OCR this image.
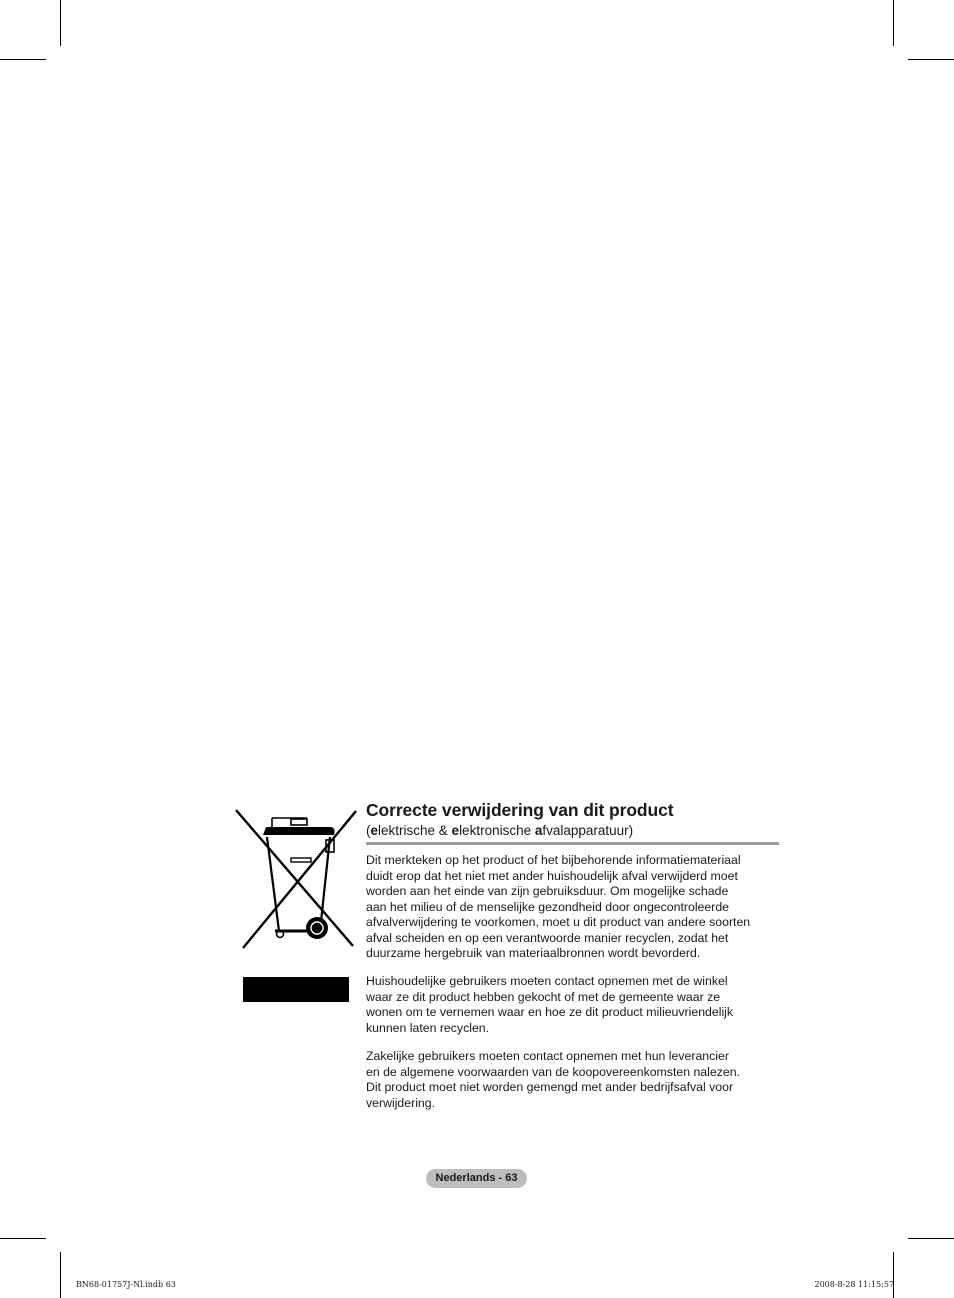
Correcte verwijdering van dit product

(elektrische & elektronische afvalapparatuur)

Dit merkteken op het product of het bijbehorende informatiemateriaal
duidt erop dat het niet met ander huishoudelijk afval verwijderd moet
worden aan het einde van zijn gebruiksduur. Om mogelijke schade
aan het milieu of de menselijke gezondheid door ongecontroleerde
afvalverwijdering te voorkomen, moet u dit product van andere soorten
afval scheiden en op een verantwoorde manier recyclen, zodat het
duurzame hergebruik van materiaalbronnen wordt bevorderd.

Huishoudelijke gebruikers moeten contact opnemen met de winkel
waar ze dit product hebben gekocht of met de gemeente waar ze
wonen om te vernemen waar en hoe ze dit product milieuvriendelijk
kunnen laten recyclen.

Zakelijke gebruikers moeten contact opnemen met hun leverancier
en de algemene voorwaarden van de koopovereenkomsten nalezen.
Dit product moet niet worden gemengd met ander bedrijfsafval voor
verwijdering.

Nederlands - 63
BN68-01757J-Nl.indb 63	2008-8-28 11:15:57
